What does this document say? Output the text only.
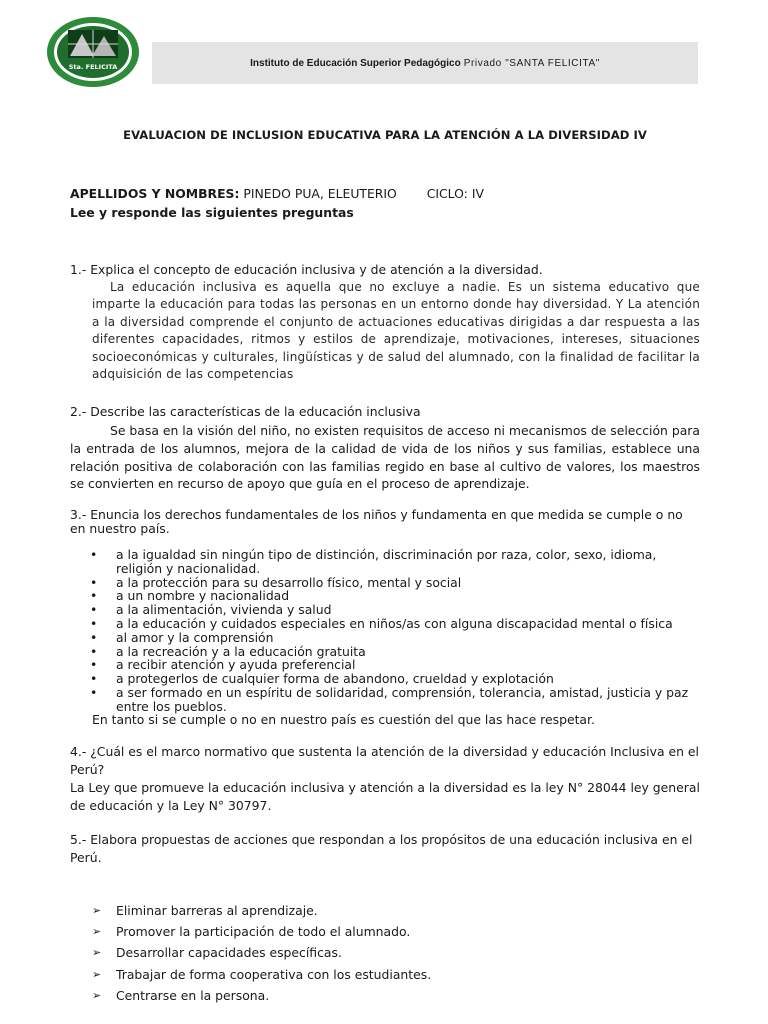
Sta. FELICITA	Instituto de Educación Superior Pedagógico Privado "SANTA FELICITA"
EVALUACION DE INCLUSION EDUCATIVA PARA LA ATENCIÓN A LA DIVERSIDAD IV
APELLIDOS Y NOMBRES: PINEDO PUA, ELEUTERIO CICLO: IV
Lee y responde las siguientes preguntas
1.- Explica el concepto de educación inclusiva y de atención a la diversidad.
La educación inclusiva es aquella que no excluye a nadie. Es un sistema educativo que imparte la educación para todas las personas en un entorno donde hay diversidad. Y La atención a la diversidad comprende el conjunto de actuaciones educativas dirigidas a dar respuesta a las diferentes capacidades, ritmos y estilos de aprendizaje, motivaciones, intereses, situaciones socioeconómicas y culturales, lingüísticas y de salud del alumnado, con la finalidad de facilitar la adquisición de las competencias
2.- Describe las características de la educación inclusiva
Se basa en la visión del niño, no existen requisitos de acceso ni mecanismos de selección para la entrada de los alumnos, mejora de la calidad de vida de los niños y sus familias, establece una relación positiva de colaboración con las familias regido en base al cultivo de valores, los maestros se convierten en recurso de apoyo que guía en el proceso de aprendizaje.
3.- Enuncia los derechos fundamentales de los niños y fundamenta en que medida se cumple o no en nuestro país.
• a la igualdad sin ningún tipo de distinción, discriminación por raza, color, sexo, idioma, religión y nacionalidad.
• a la protección para su desarrollo físico, mental y social
• a un nombre y nacionalidad
• a la alimentación, vivienda y salud
• a la educación y cuidados especiales en niños/as con alguna discapacidad mental o física
• al amor y la comprensión
• a la recreación y a la educación gratuita
• a recibir atención y ayuda preferencial
• a protegerlos de cualquier forma de abandono, crueldad y explotación
• a ser formado en un espíritu de solidaridad, comprensión, tolerancia, amistad, justicia y paz entre los pueblos.
En tanto si se cumple o no en nuestro país es cuestión del que las hace respetar.
4.- ¿Cuál es el marco normativo que sustenta la atención de la diversidad y educación Inclusiva en el Perú?
La Ley que promueve la educación inclusiva y atención a la diversidad es la ley N° 28044 ley general de educación y la Ley N° 30797.
5.- Elabora propuestas de acciones que respondan a los propósitos de una educación inclusiva en el Perú.
➢ Eliminar barreras al aprendizaje.
➢ Promover la participación de todo el alumnado.
➢ Desarrollar capacidades específicas.
➢ Trabajar de forma cooperativa con los estudiantes.
➢ Centrarse en la persona.
